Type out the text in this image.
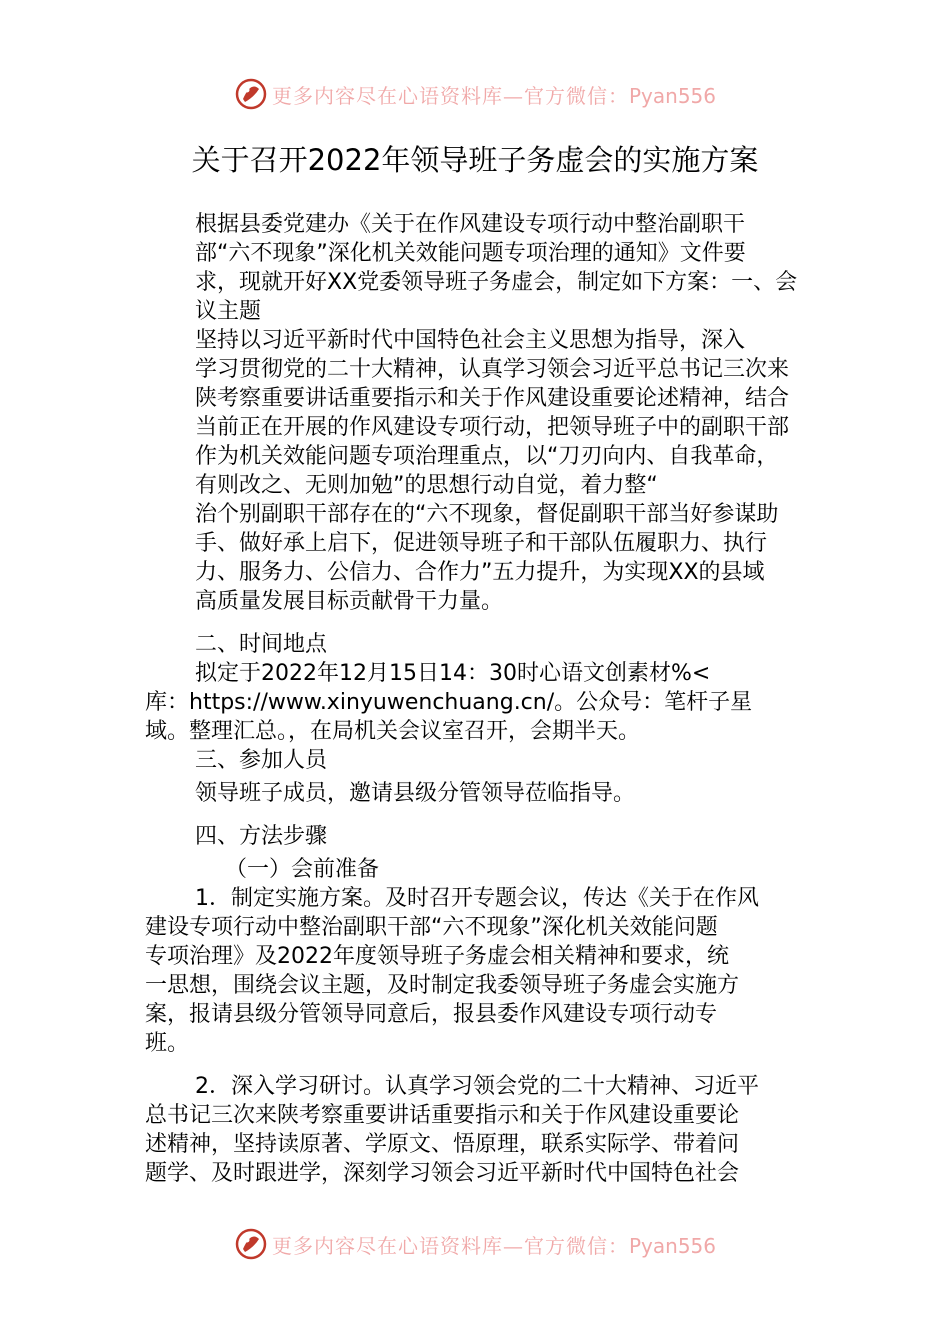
更多内容尽在心语资料库—官方微信：Pyan556
关于召开2022年领导班子务虚会的实施方案

根据县委党建办《关于在作风建设专项行动中整治副职干
部“六不现象”深化机关效能问题专项治理的通知》文件要
求，现就开好XX党委领导班子务虚会，制定如下方案：一、会
议主题

坚持以习近平新时代中国特色社会主义思想为指导，深入
学习贯彻党的二十大精神，认真学习领会习近平总书记三次来
陕考察重要讲话重要指示和关于作风建设重要论述精神，结合
当前正在开展的作风建设专项行动，把领导班子中的副职干部
作为机关效能问题专项治理重点，以“刀刃向内、自我革命，
有则改之、无则加勉”的思想行动自觉，着力整“
治个别副职干部存在的“六不现象，督促副职干部当好参谋助
手、做好承上启下，促进领导班子和干部队伍履职力、执行
力、服务力、公信力、合作力”五力提升，为实现XX的县域
高质量发展目标贡献骨干力量。

二、时间地点

拟定于2022年12月15日14：30时心语文创素材%<
库：https://www.xinyuwenchuang.cn/。公众号：笔杆子星
域。整理汇总。，在局机关会议室召开，会期半天。

三、参加人员

领导班子成员，邀请县级分管领导莅临指导。

四、方法步骤
（一）会前准备

1．制定实施方案。及时召开专题会议，传达《关于在作风
建设专项行动中整治副职干部“六不现象”深化机关效能问题
专项治理》及2022年度领导班子务虚会相关精神和要求，统
一思想，围绕会议主题，及时制定我委领导班子务虚会实施方
案，报请县级分管领导同意后，报县委作风建设专项行动专
班。

2．深入学习研讨。认真学习领会党的二十大精神、习近平
总书记三次来陕考察重要讲话重要指示和关于作风建设重要论
述精神，坚持读原著、学原文、悟原理，联系实际学、带着问
题学、及时跟进学，深刻学习领会习近平新时代中国特色社会

更多内容尽在心语资料库—官方微信：Pyan556
